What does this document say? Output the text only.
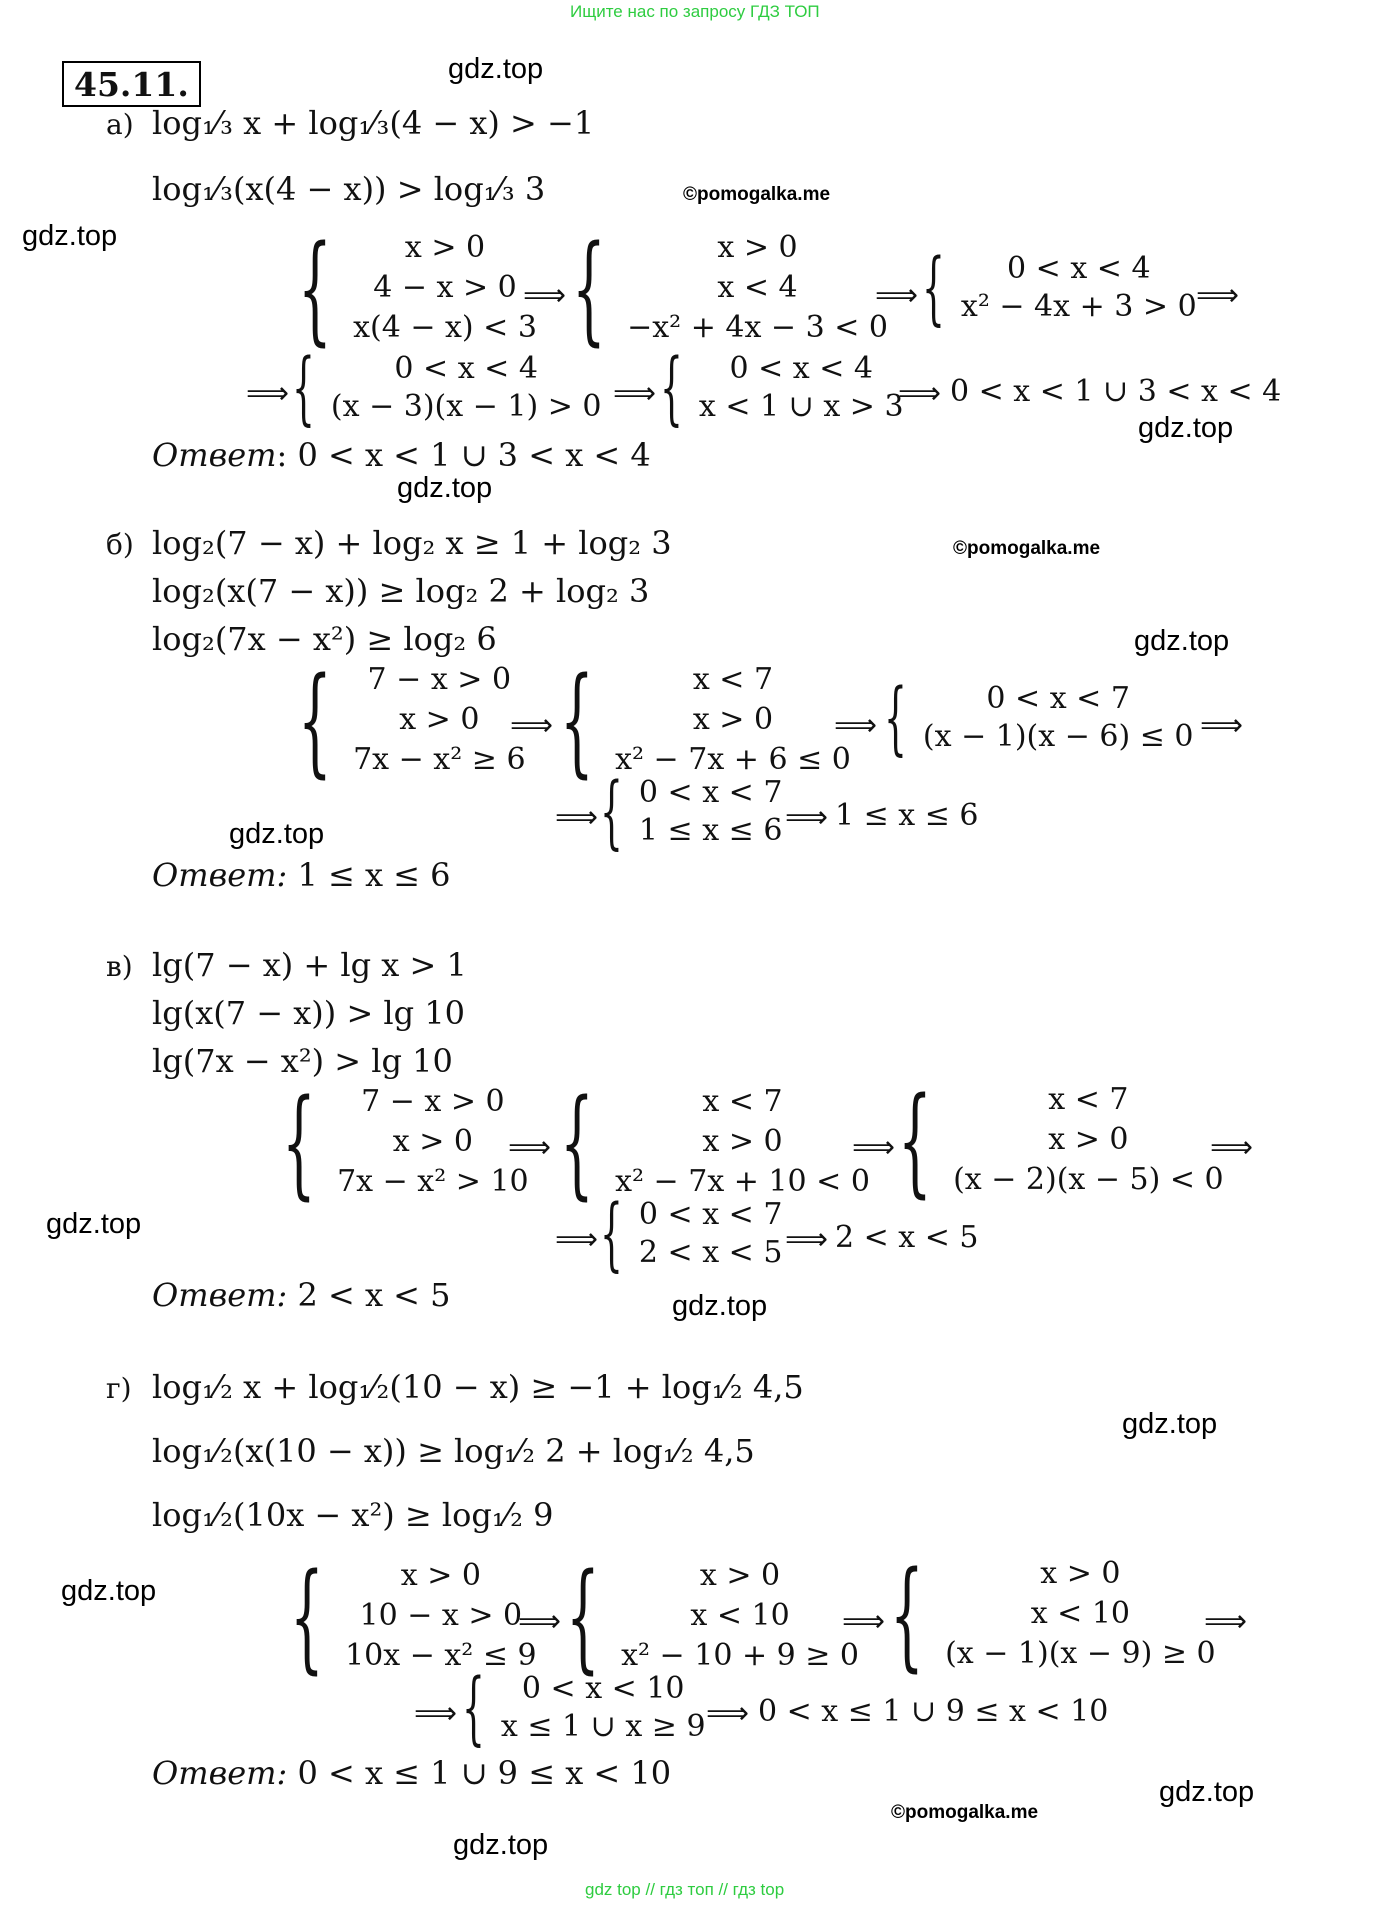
Ищите нас по запросу ГДЗ ТОП
45.11.	gdz.top
gdz.top
gdz.top
gdz.top
gdz.top
gdz.top
gdz.top
gdz.top
gdz.top
gdz.top
gdz.top
gdz.top
©pomogalka.me
©pomogalka.me
©pomogalka.me
а) log₁⁄₃ x + log₁⁄₃(4 − x) > −1
log₁⁄₃(x(4 − x)) > log₁⁄₃ 3
{ x > 0
4 − x > 0
x(4 − x) < 3
⟹ {	x > 0
x < 4
−x² + 4x − 3 < 0
⟹ { 0 < x < 4
x² − 4x + 3 > 0 ⟹
⟹ {	0 < x < 4
(x − 3)(x − 1) > 0 ⟹ { 0 < x < 4
x < 1 ∪ x > 3
⟹ 0 < x < 1 ∪ 3 < x < 4
Ответ: 0 < x < 1 ∪ 3 < x < 4
б) log₂(7 − x) + log₂ x ≥ 1 + log₂ 3
log₂(x(7 − x)) ≥ log₂ 2 + log₂ 3
log₂(7x − x²) ≥ log₂ 6
{ 7 − x > 0
x > 0
7x − x² ≥ 6
⟹ {	x < 7
x > 0
x² − 7x + 6 ≤ 0
⟹ {	0 < x < 7
(x − 1)(x − 6) ≤ 0 ⟹
⟹ { 0 < x < 7
1 ≤ x ≤ 6 ⟹ 1 ≤ x ≤ 6
Ответ: 1 ≤ x ≤ 6
в) lg(7 − x) + lg x > 1
lg(x(7 − x)) > lg 10
lg(7x − x²) > lg 10
{ 7 − x > 0
x > 0
7x − x² > 10
⟹ {	x < 7
x > 0
x² − 7x + 10 < 0
⟹ {	x < 7
x > 0
(x − 2)(x − 5) < 0
⟹
⟹ { 0 < x < 7
2 < x < 5 ⟹ 2 < x < 5
Ответ: 2 < x < 5
г) log₁⁄₂ x + log₁⁄₂(10 − x) ≥ −1 + log₁⁄₂ 4,5
log₁⁄₂(x(10 − x)) ≥ log₁⁄₂ 2 + log₁⁄₂ 4,5
log₁⁄₂(10x − x²) ≥ log₁⁄₂ 9
{	x > 0
10 − x > 0
10x − x² ≤ 9
⟹ {	x > 0
x < 10
x² − 10 + 9 ≥ 0
⟹ {	x > 0
x < 10
(x − 1)(x − 9) ≥ 0
⟹
⟹ { 0 < x < 10
x ≤ 1 ∪ x ≥ 9 ⟹ 0 < x ≤ 1 ∪ 9 ≤ x < 10
Ответ: 0 < x ≤ 1 ∪ 9 ≤ x < 10
gdz top // гдз топ // гдз top
